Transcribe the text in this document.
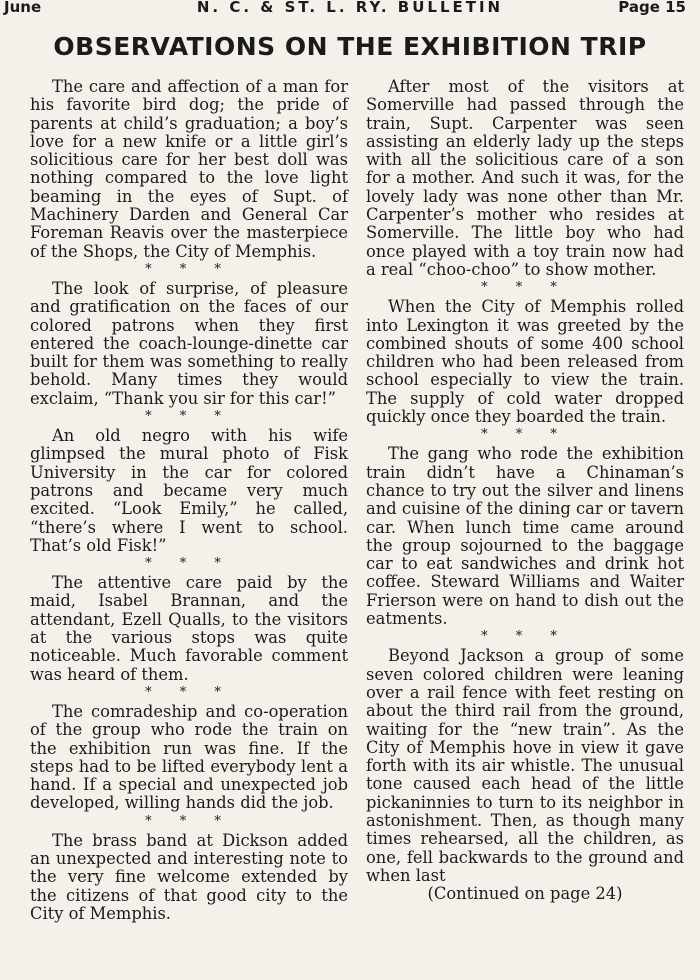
June	N. C. & ST. L. RY. BULLETIN	Page 15
OBSERVATIONS ON THE EXHIBITION TRIP

The care and affection of a man for his favorite bird dog; the pride of parents at child’s graduation; a boy’s love for a new knife or a little girl’s solicitious care for her best doll was nothing compared to the love light beaming in the eyes of Supt. of Machinery Darden and General Car Foreman Reavis over the masterpiece of the Shops, the City of Memphis.

* * *

The look of surprise, of pleasure and gratification on the faces of our colored patrons when they first entered the coach-lounge-dinette car built for them was something to really behold. Many times they would exclaim, “Thank you sir for this car!”

* * *

An old negro with his wife glimpsed the mural photo of Fisk University in the car for colored patrons and became very much excited. “Look Emily,” he called, “there’s where I went to school. That’s old Fisk!”

* * *

The attentive care paid by the maid, Isabel Brannan, and the attendant, Ezell Qualls, to the visitors at the various stops was quite noticeable. Much favorable comment was heard of them.

* * *

The comradeship and co-operation of the group who rode the train on the exhibition run was fine. If the steps had to be lifted everybody lent a hand. If a special and unexpected job developed, willing hands did the job.

* * *

The brass band at Dickson added an unexpected and interesting note to the very fine welcome extended by the citizens of that good city to the City of Memphis.

After most of the visitors at Somerville had passed through the train, Supt. Carpenter was seen assisting an elderly lady up the steps with all the solicitious care of a son for a mother. And such it was, for the lovely lady was none other than Mr. Carpenter’s mother who resides at Somerville. The little boy who had once played with a toy train now had a real “choo-choo” to show mother.

* * *

When the City of Memphis rolled into Lexington it was greeted by the combined shouts of some 400 school children who had been released from school especially to view the train. The supply of cold water dropped quickly once they boarded the train.

* * *

The gang who rode the exhibition train didn’t have a Chinaman’s chance to try out the silver and linens and cuisine of the dining car or tavern car. When lunch time came around the group sojourned to the baggage car to eat sandwiches and drink hot coffee. Steward Williams and Waiter Frierson were on hand to dish out the eatments.

* * *

Beyond Jackson a group of some seven colored children were leaning over a rail fence with feet resting on about the third rail from the ground, waiting for the “new train”. As the City of Memphis hove in view it gave forth with its air whistle. The unusual tone caused each head of the little pickaninnies to turn to its neighbor in astonishment. Then, as though many times rehearsed, all the children, as one, fell backwards to the ground and when last

(Continued on page 24)
